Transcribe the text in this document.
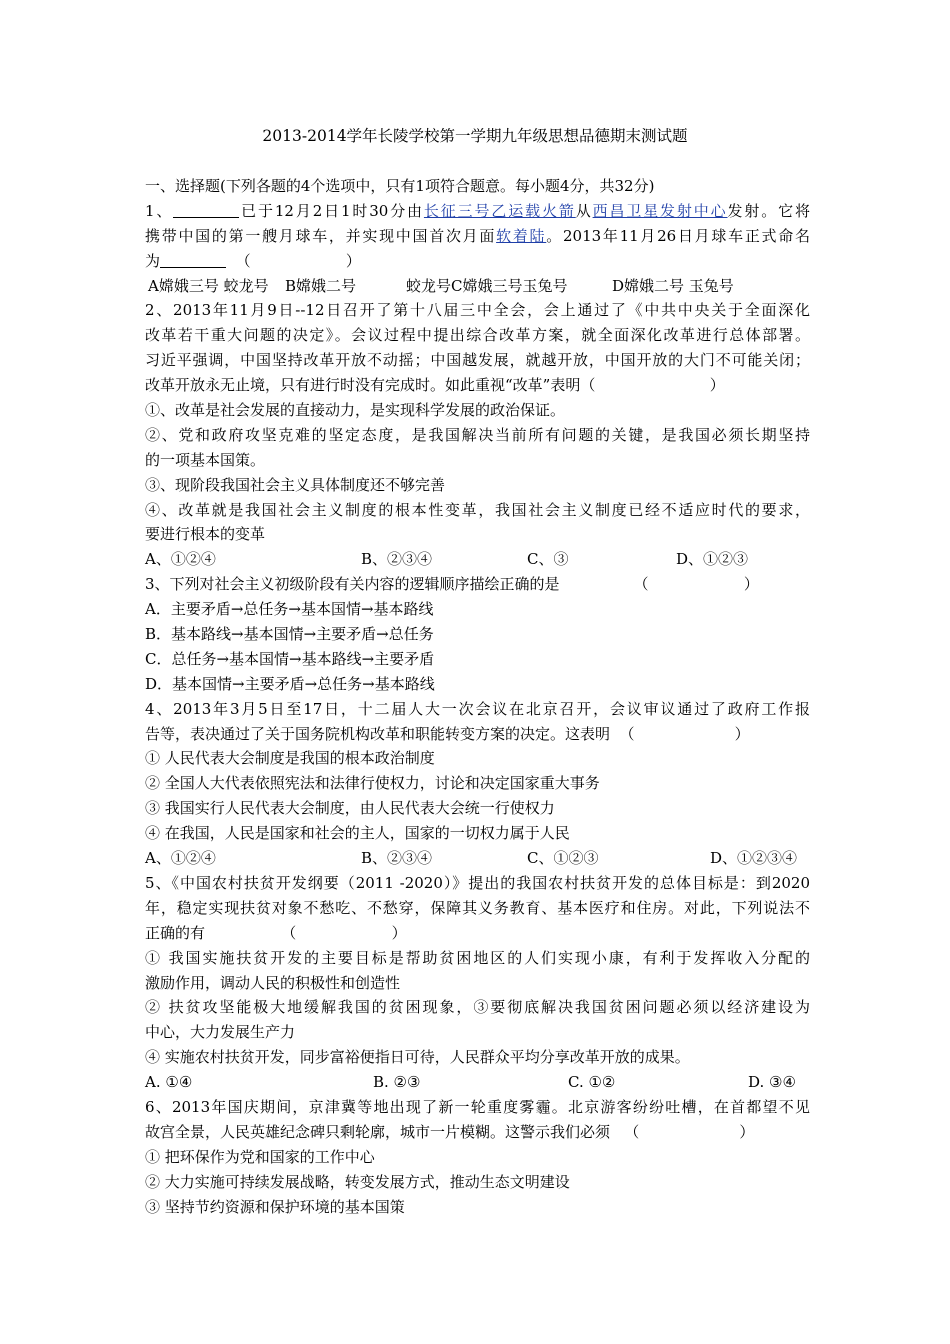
2013-2014学年长陵学校第一学期九年级思想品德期末测试题
一、选择题(下列各题的4个选项中，只有1项符合题意。每小题4分，共32分)
1、	已于12月2日1时30分由长征三号乙运载火箭从西昌卫星发射中心发射。它将
携带中国的第一艘月球车，并实现中国首次月面软着陆。2013年11月26日月球车正式命名
为	（                    ）
A嫦娥三号 蛟龙号	B嫦娥二号	蛟龙号C嫦娥三号玉兔号	D嫦娥二号 玉兔号
2、2013年11月9日--12日召开了第十八届三中全会，会上通过了《中共中央关于全面深化
改革若干重大问题的决定》。会议过程中提出综合改革方案，就全面深化改革进行总体部署。
习近平强调，中国坚持改革开放不动摇；中国越发展，就越开放，中国开放的大门不可能关闭；
改革开放永无止境，只有进行时没有完成时。如此重视“改革”表明（                        ）
①、改革是社会发展的直接动力，是实现科学发展的政治保证。
②、党和政府攻坚克难的坚定态度，是我国解决当前所有问题的关键，是我国必须长期坚持
的一项基本国策。
③、现阶段我国社会主义具体制度还不够完善
④、改革就是我国社会主义制度的根本性变革，我国社会主义制度已经不适应时代的要求，
要进行根本的变革
A、①②④	B、②③④	C、③	D、①②③
3、下列对社会主义初级阶段有关内容的逻辑顺序描绘正确的是	（                    ）
A．主要矛盾→总任务→基本国情→基本路线
B．基本路线→基本国情→主要矛盾→总任务
C．总任务→基本国情→基本路线→主要矛盾
D．基本国情→主要矛盾→总任务→基本路线
4、2013年3月5日至17日，十二届人大一次会议在北京召开，会议审议通过了政府工作报
告等，表决通过了关于国务院机构改革和职能转变方案的决定。这表明  （                     ）
① 人民代表大会制度是我国的根本政治制度
② 全国人大代表依照宪法和法律行使权力，讨论和决定国家重大事务
③ 我国实行人民代表大会制度，由人民代表大会统一行使权力
④ 在我国，人民是国家和社会的主人，国家的一切权力属于人民
A、①②④	B、②③④	C、①②③	D、①②③④
5、《中国农村扶贫开发纲要（2011 -2020）》提出的我国农村扶贫开发的总体目标是：到2020
年，稳定实现扶贫对象不愁吃、不愁穿，保障其义务教育、基本医疗和住房。对此，下列说法不
正确的有                （                    ）
① 我国实施扶贫开发的主要目标是帮助贫困地区的人们实现小康，有利于发挥收入分配的
激励作用，调动人民的积极性和创造性
② 扶贫攻坚能极大地缓解我国的贫困现象，③要彻底解决我国贫困问题必须以经济建设为
中心，大力发展生产力
④ 实施农村扶贫开发，同步富裕便指日可待，人民群众平均分享改革开放的成果。
A. ①④	B. ②③	C. ①②	D. ③④
6、2013年国庆期间，京津冀等地出现了新一轮重度雾霾。北京游客纷纷吐槽，在首都望不见
故宫全景，人民英雄纪念碑只剩轮廓，城市一片模糊。这警示我们必须   （                     ）
① 把环保作为党和国家的工作中心
② 大力实施可持续发展战略，转变发展方式，推动生态文明建设
③ 坚持节约资源和保护环境的基本国策
